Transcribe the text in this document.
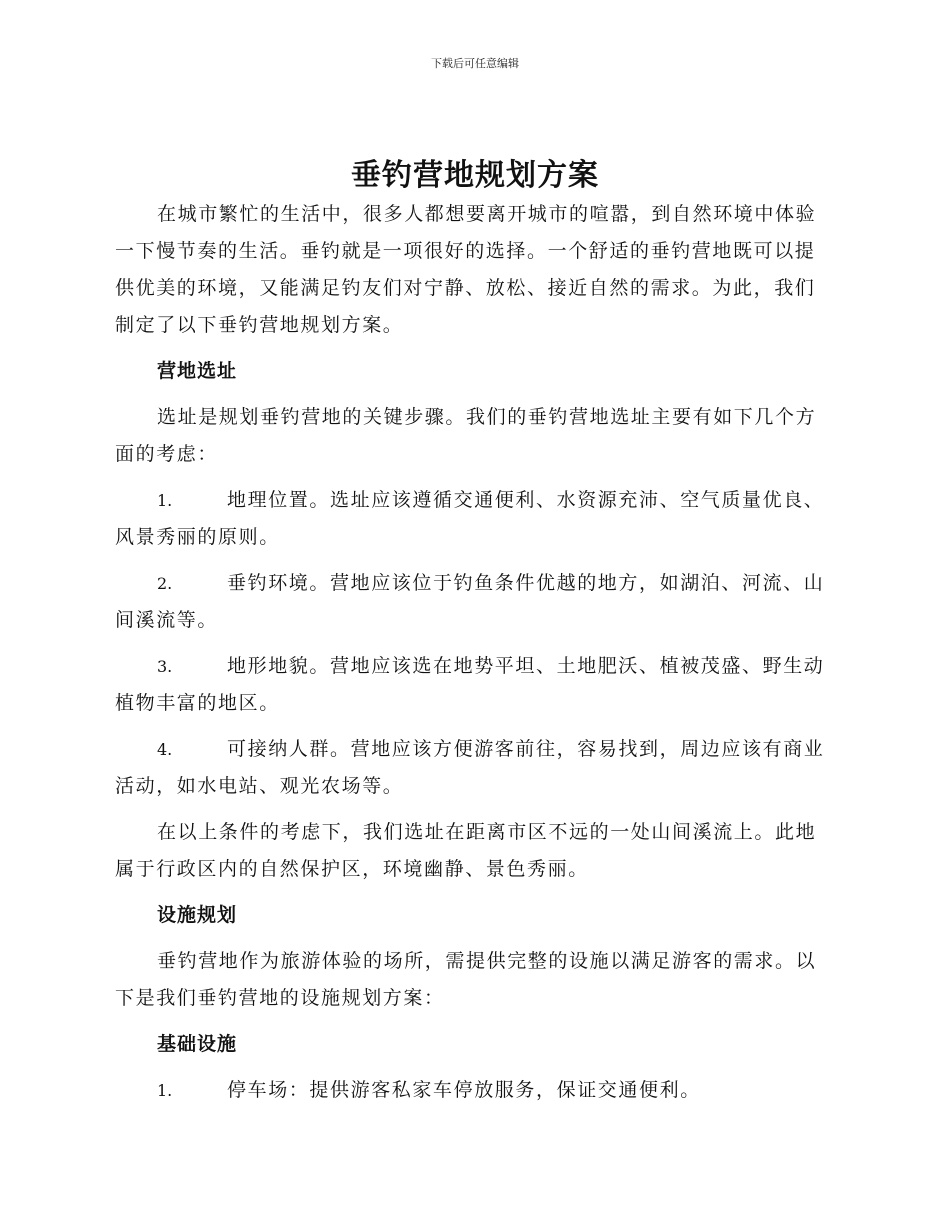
下载后可任意编辑
垂钓营地规划方案

在城市繁忙的生活中，很多人都想要离开城市的喧嚣，到自然环境中体验一下慢节奏的生活。垂钓就是一项很好的选择。一个舒适的垂钓营地既可以提供优美的环境，又能满足钓友们对宁静、放松、接近自然的需求。为此，我们制定了以下垂钓营地规划方案。

营地选址

选址是规划垂钓营地的关键步骤。我们的垂钓营地选址主要有如下几个方面的考虑：

1.	地理位置。选址应该遵循交通便利、水资源充沛、空气质量优良、风景秀丽的原则。

2.	垂钓环境。营地应该位于钓鱼条件优越的地方，如湖泊、河流、山间溪流等。

3.	地形地貌。营地应该选在地势平坦、土地肥沃、植被茂盛、野生动植物丰富的地区。

4.	可接纳人群。营地应该方便游客前往，容易找到，周边应该有商业活动，如水电站、观光农场等。

在以上条件的考虑下，我们选址在距离市区不远的一处山间溪流上。此地属于行政区内的自然保护区，环境幽静、景色秀丽。

设施规划

垂钓营地作为旅游体验的场所，需提供完整的设施以满足游客的需求。以下是我们垂钓营地的设施规划方案：

基础设施

1.	停车场：提供游客私家车停放服务，保证交通便利。
